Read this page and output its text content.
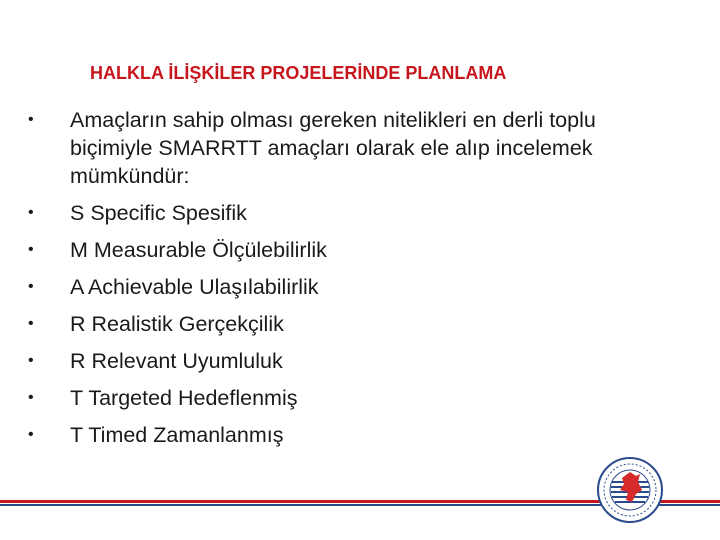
HALKLA İLİŞKİLER PROJELERİNDE PLANLAMA
• Amaçların sahip olması gereken nitelikleri en derli toplu biçimiyle SMARRTT amaçları olarak ele alıp incelemek mümkündür:
• S Specific Spesifik
• M Measurable Ölçülebilirlik
• A Achievable Ulaşılabilirlik
• R Realistik Gerçekçilik
• R Relevant Uyumluluk
• T Targeted Hedeflenmiş
• T Timed Zamanlanmış
